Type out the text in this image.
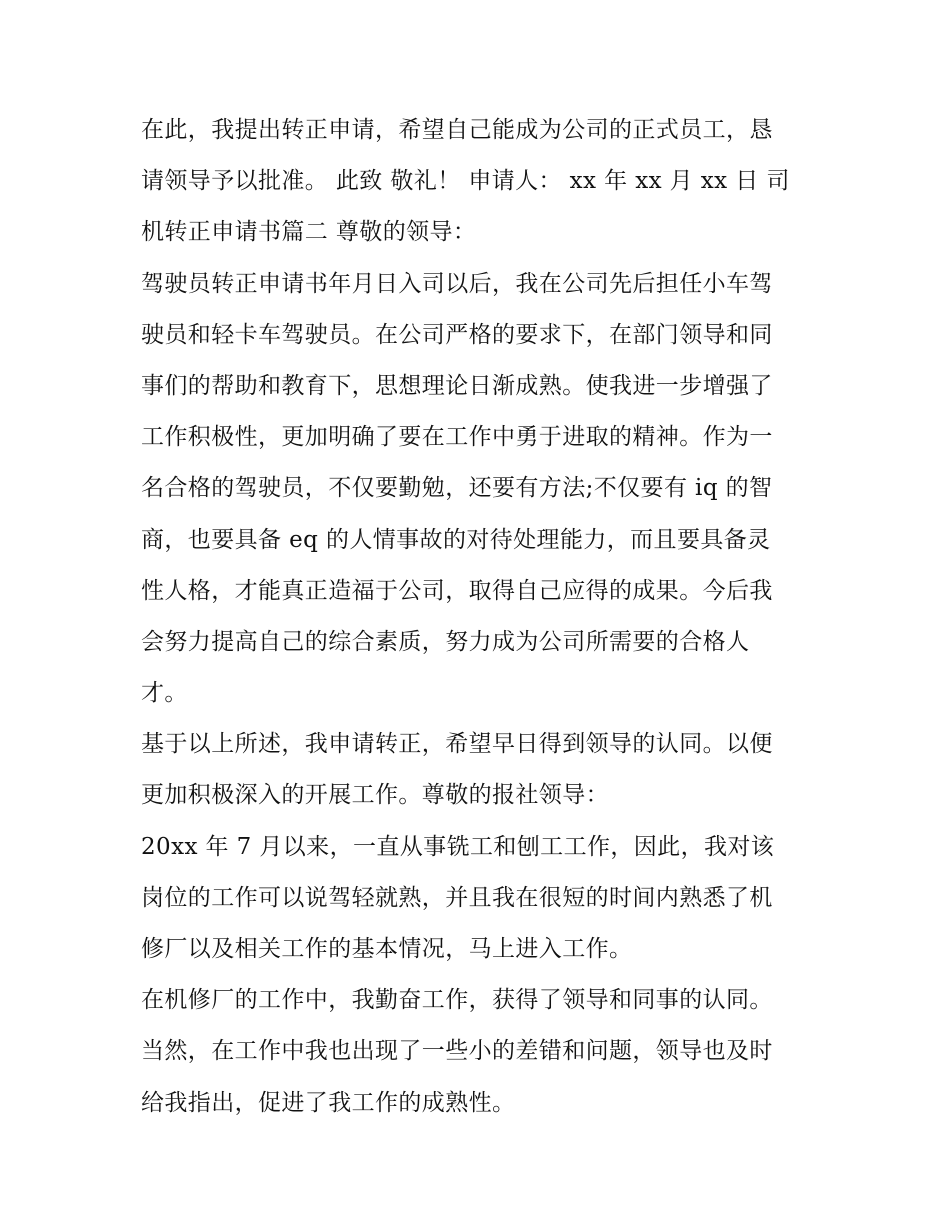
在此，我提出转正申请，希望自己能成为公司的正式员工，恳
请领导予以批准。 此致 敬礼！ 申请人： xx 年 xx 月 xx 日 司
机转正申请书篇二 尊敬的领导：
驾驶员转正申请书年月日入司以后，我在公司先后担任小车驾
驶员和轻卡车驾驶员。在公司严格的要求下，在部门领导和同
事们的帮助和教育下，思想理论日渐成熟。使我进一步增强了
工作积极性，更加明确了要在工作中勇于进取的精神。作为一
名合格的驾驶员，不仅要勤勉，还要有方法;不仅要有 iq 的智
商，也要具备 eq 的人情事故的对待处理能力，而且要具备灵
性人格，才能真正造福于公司，取得自己应得的成果。今后我
会努力提高自己的综合素质，努力成为公司所需要的合格人
才。
基于以上所述，我申请转正，希望早日得到领导的认同。以便
更加积极深入的开展工作。尊敬的报社领导：
20xx 年 7 月以来，一直从事铣工和刨工工作，因此，我对该
岗位的工作可以说驾轻就熟，并且我在很短的时间内熟悉了机
修厂以及相关工作的基本情况，马上进入工作。
在机修厂的工作中，我勤奋工作，获得了领导和同事的认同。
当然，在工作中我也出现了一些小的差错和问题，领导也及时
给我指出，促进了我工作的成熟性。
